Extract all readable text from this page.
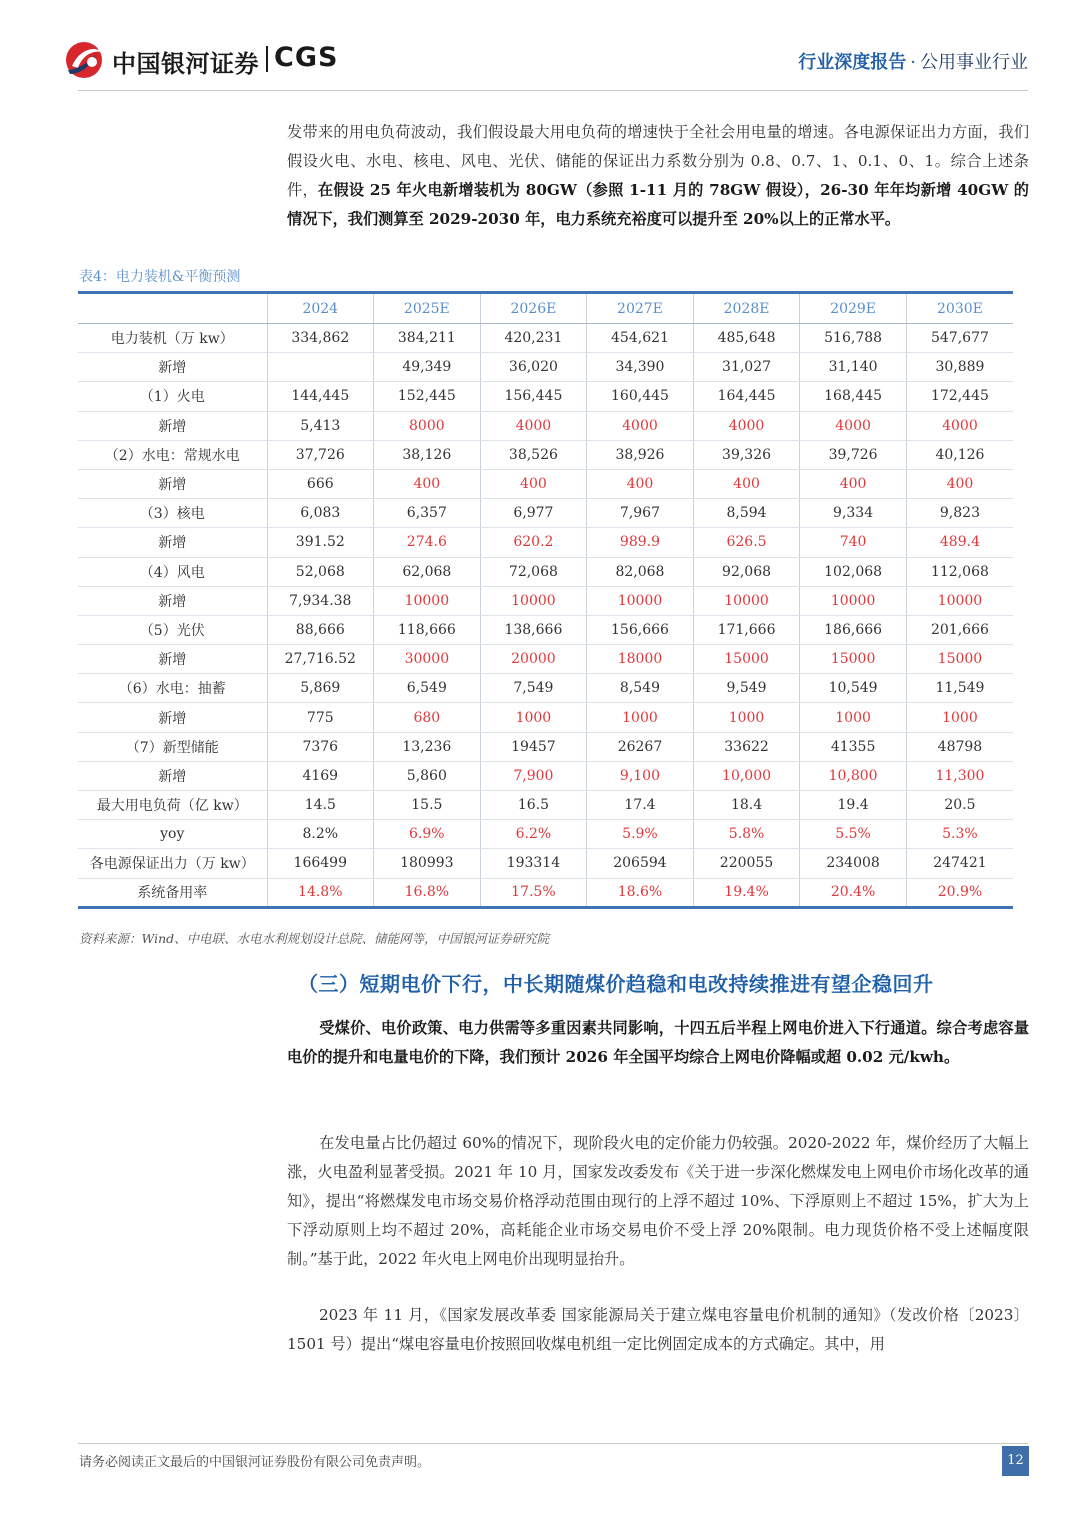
中国银河证券 CGS	行业深度报告 · 公用事业行业
发带来的用电负荷波动，我们假设最大用电负荷的增速快于全社会用电量的增速。各电源保证出力方面，我们假设火电、水电、核电、风电、光伏、储能的保证出力系数分别为 0.8、0.7、1、0.1、0、1。综合上述条件，在假设 25 年火电新增装机为 80GW（参照 1-11 月的 78GW 假设），26-30 年年均新增 40GW 的情况下，我们测算至 2029-2030 年，电力系统充裕度可以提升至 20%以上的正常水平。
表4：电力装机&平衡预测
	2024	2025E	2026E	2027E	2028E	2029E	2030E
电力装机（万 kw）	334,862	384,211	420,231	454,621	485,648	516,788	547,677
新增		49,349	36,020	34,390	31,027	31,140	30,889
（1）火电	144,445	152,445	156,445	160,445	164,445	168,445	172,445
新增	5,413	8000	4000	4000	4000	4000	4000
（2）水电：常规水电	37,726	38,126	38,526	38,926	39,326	39,726	40,126
新增	666	400	400	400	400	400	400
（3）核电	6,083	6,357	6,977	7,967	8,594	9,334	9,823
新增	391.52	274.6	620.2	989.9	626.5	740	489.4
（4）风电	52,068	62,068	72,068	82,068	92,068	102,068	112,068
新增	7,934.38	10000	10000	10000	10000	10000	10000
（5）光伏	88,666	118,666	138,666	156,666	171,666	186,666	201,666
新增	27,716.52	30000	20000	18000	15000	15000	15000
（6）水电：抽蓄	5,869	6,549	7,549	8,549	9,549	10,549	11,549
新增	775	680	1000	1000	1000	1000	1000
（7）新型储能	7376	13,236	19457	26267	33622	41355	48798
新增	4169	5,860	7,900	9,100	10,000	10,800	11,300
最大用电负荷（亿 kw）	14.5	15.5	16.5	17.4	18.4	19.4	20.5
yoy	8.2%	6.9%	6.2%	5.9%	5.8%	5.5%	5.3%
各电源保证出力（万 kw）	166499	180993	193314	206594	220055	234008	247421
系统备用率	14.8%	16.8%	17.5%	18.6%	19.4%	20.4%	20.9%
资料来源：Wind、中电联、水电水利规划设计总院、储能网等，中国银河证券研究院
（三）短期电价下行，中长期随煤价趋稳和电改持续推进有望企稳回升
受煤价、电价政策、电力供需等多重因素共同影响，十四五后半程上网电价进入下行通道。综合考虑容量电价的提升和电量电价的下降，我们预计 2026 年全国平均综合上网电价降幅或超 0.02 元/kwh。
在发电量占比仍超过 60%的情况下，现阶段火电的定价能力仍较强。2020-2022 年，煤价经历了大幅上涨，火电盈利显著受损。2021 年 10 月，国家发改委发布《关于进一步深化燃煤发电上网电价市场化改革的通知》，提出“将燃煤发电市场交易价格浮动范围由现行的上浮不超过 10%、下浮原则上不超过 15%，扩大为上下浮动原则上均不超过 20%，高耗能企业市场交易电价不受上浮 20%限制。电力现货价格不受上述幅度限制。”基于此，2022 年火电上网电价出现明显抬升。
2023 年 11 月，《国家发展改革委 国家能源局关于建立煤电容量电价机制的通知》（发改价格〔2023〕1501 号）提出“煤电容量电价按照回收煤电机组一定比例固定成本的方式确定。其中，用
请务必阅读正文最后的中国银河证券股份有限公司免责声明。	12
